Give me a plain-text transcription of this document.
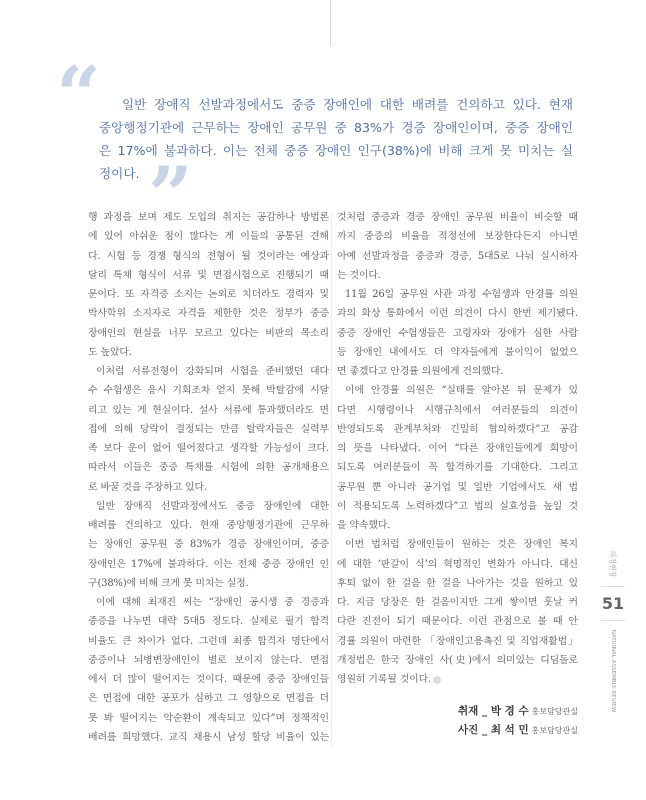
“	일반 장애직 선발과정에서도 중증 장애인에 대한 배려를 건의하고 있다. 현재
중앙행정기관에 근무하는 장애인 공무원 중 83%가 경증 장애인이며, 중증 장애인
은 17%에 불과하다. 이는 전체 중증 장애인 인구(38%)에 비해 크게 못 미치는 실
정이다. ”
행 과정을 보며 제도 도입의 취지는 공감하나 방법론
에 있어 아쉬운 점이 많다는 게 이들의 공통된 견해
다. 시험 등 경쟁 형식의 전형이 될 것이라는 예상과
달리 특채 형식이 서류 및 면접시험으로 진행되기 때
문이다. 또 자격증 소지는 논외로 치더라도 경력자 및
박사학위 소지자로 자격을 제한한 것은 정부가 중증
장애인의 현실을 너무 모르고 있다는 비판의 목소리
도 높았다.
이처럼 서류전형이 강화되며 시험을 준비했던 대다
수 수험생은 응시 기회조차 얻지 못해 박탈감에 시달
리고 있는 게 현실이다. 설사 서류에 통과했더라도 면
접에 의해 당락이 결정되는 만큼 탈락자들은 실력부
족 보다 운이 없어 떨어졌다고 생각할 가능성이 크다.
따라서 이들은 중증 특채를 시험에 의한 공개채용으
로 바꿀 것을 주장하고 있다.
일반 장애직 선발과정에서도 중증 장애인에 대한
배려를 건의하고 있다. 현재 중앙행정기관에 근무하
는 장애인 공무원 중 83%가 경증 장애인이며, 중증
장애인은 17%에 불과하다. 이는 전체 중증 장애인 인
구(38%)에 비해 크게 못 미치는 실정.
이에 대해 최재진 씨는 “장애인 공시생 중 경증과
중증을 나누면 대략 5대5 정도다. 실제로 필기 합격
비율도 큰 차이가 없다. 그런데 최종 합격자 명단에서
중증이나 뇌병변장애인이 별로 보이지 않는다. 면접
에서 더 많이 떨어지는 것이다. 때문에 중증 장애인들
은 면접에 대한 공포가 심하고 그 영향으로 면접을 더
못 봐 떨어지는 악순환이 계속되고 있다”며 정책적인
배려를 희망했다. 교직 채용시 남성 할당 비율이 있는
것처럼 중증과 경증 장애인 공무원 비율이 비슷할 때
까지 중증의 비율을 적정선에 보장한다든지 아니면
아예 선발과정을 중증과 경증, 5대5로 나눠 실시하자
는 것이다.
11월 26일 공무원 사관 과정 수험생과 안경률 의원
과의 화상 통화에서 이런 의견이 다시 한번 제기됐다.
중증 장애인 수험생들은 고령자와 장애가 심한 사람
등 장애인 내에서도 더 약자들에게 불이익이 없었으
면 좋겠다고 안경률 의원에게 건의했다.
이에 안경률 의원은 “실태를 알아본 뒤 문제가 있
다면 시행령이나 시행규칙에서 여러분들의 의견이
반영되도록 관계부처와 긴밀히 협의하겠다”고 공감
의 뜻을 나타냈다. 이어 “다른 장애인들에게 희망이
되도록 여러분들이 꼭 합격하기를 기대한다. 그리고
공무원 뿐 아니라 공기업 및 일반 기업에서도 새 법
이 적용되도록 노력하겠다”고 법의 실효성을 높일 것
을 약속했다.
이번 법처럼 장애인들이 원하는 것은 장애인 복지
에 대한 ‘판갈이 식’의 혁명적인 변화가 아니다. 대신
후퇴 없이 한 걸음 한 걸음 나아가는 것을 원하고 있
다. 지금 당장은 한 걸음이지만 그게 쌓이면 훗날 커
다란 진전이 되기 때문이다. 이런 관점으로 볼 때 안
경률 의원이 마련한 「장애인고용촉진 및 직업재활법」
개정법은 한국 장애인 사(史)에서 의미있는 디딤돌로
영원히 기록될 것이다.
취재 _ 박 경 수 홍보담당관실
사진 _ 최 석 민 홍보담당관실
의정현장
51
NATIONAL ASSEMBLY REVIEW
